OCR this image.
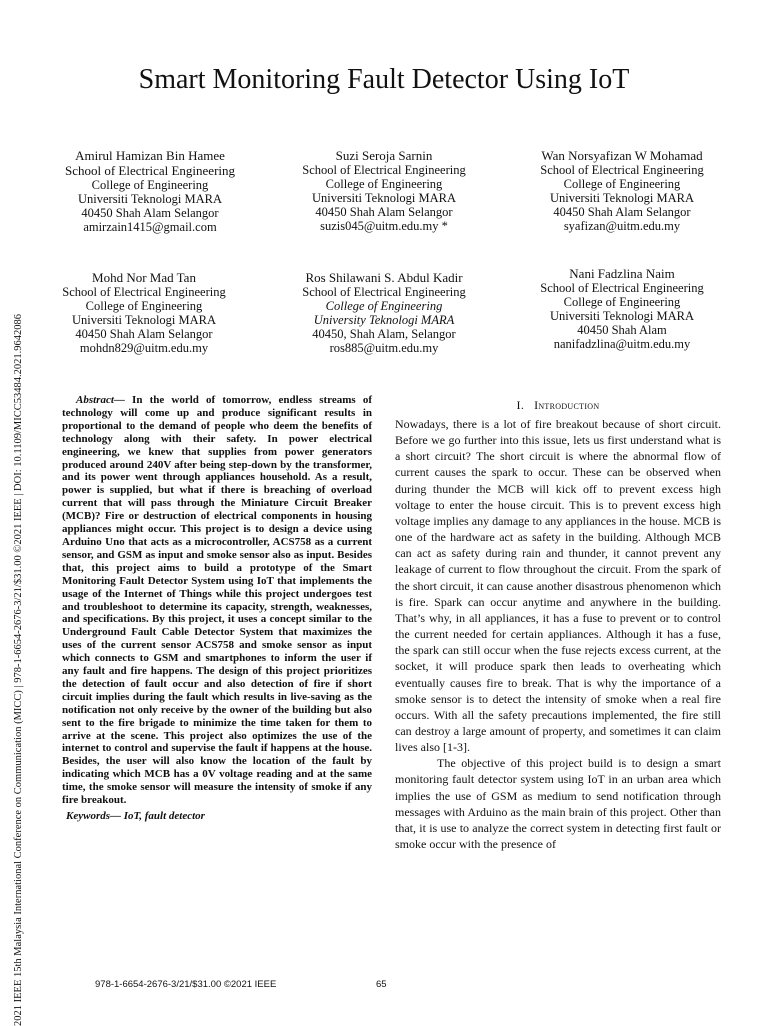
Smart Monitoring Fault Detector Using IoT
2021 IEEE 15th Malaysia International Conference on Communication (MICC) | 978-1-6654-2676-3/21/$31.00 ©2021 IEEE | DOI: 10.1109/MICC53484.2021.9642086
Amirul Hamizan Bin Hamee
School of Electrical Engineering
College of Engineering
Universiti Teknologi MARA
40450 Shah Alam Selangor
amirzain1415@gmail.com
Suzi Seroja Sarnin
School of Electrical Engineering
College of Engineering
Universiti Teknologi MARA
40450 Shah Alam Selangor
suzis045@uitm.edu.my *
Wan Norsyafizan W Mohamad
School of Electrical Engineering
College of Engineering
Universiti Teknologi MARA
40450 Shah Alam Selangor
syafizan@uitm.edu.my
Mohd Nor Mad Tan
School of Electrical Engineering
College of Engineering
Universiti Teknologi MARA
40450 Shah Alam Selangor
mohdn829@uitm.edu.my
Ros Shilawani S. Abdul Kadir
School of Electrical Engineering
College of Engineering
University Teknologi MARA
40450, Shah Alam, Selangor
ros885@uitm.edu.my
Nani Fadzlina Naim
School of Electrical Engineering
College of Engineering
Universiti Teknologi MARA
40450 Shah Alam
nanifadzlina@uitm.edu.my

Abstract— In the world of tomorrow, endless streams of technology will come up and produce significant results in proportional to the demand of people who deem the benefits of technology along with their safety. In power electrical engineering, we knew that supplies from power generators produced around 240V after being step-down by the transformer, and its power went through appliances household. As a result, power is supplied, but what if there is breaching of overload current that will pass through the Miniature Circuit Breaker (MCB)? Fire or destruction of electrical components in housing appliances might occur. This project is to design a device using Arduino Uno that acts as a microcontroller, ACS758 as a current sensor, and GSM as input and smoke sensor also as input. Besides that, this project aims to build a prototype of the Smart Monitoring Fault Detector System using IoT that implements the usage of the Internet of Things while this project undergoes test and troubleshoot to determine its capacity, strength, weaknesses, and specifications. By this project, it uses a concept similar to the Underground Fault Cable Detector System that maximizes the uses of the current sensor ACS758 and smoke sensor as input which connects to GSM and smartphones to inform the user if any fault and fire happens. The design of this project prioritizes the detection of fault occur and also detection of fire if short circuit implies during the fault which results in live-saving as the notification not only receive by the owner of the building but also sent to the fire brigade to minimize the time taken for them to arrive at the scene. This project also optimizes the use of the internet to control and supervise the fault if happens at the house. Besides, the user will also know the location of the fault by indicating which MCB has a 0V voltage reading and at the same time, the smoke sensor will measure the intensity of smoke if any fire breakout.

Keywords— IoT, fault detector
I. Introduction

Nowadays, there is a lot of fire breakout because of short circuit. Before we go further into this issue, lets us first understand what is a short circuit? The short circuit is where the abnormal flow of current causes the spark to occur. These can be observed when during thunder the MCB will kick off to prevent excess high voltage to enter the house circuit. This is to prevent excess high voltage implies any damage to any appliances in the house. MCB is one of the hardware act as safety in the building. Although MCB can act as safety during rain and thunder, it cannot prevent any leakage of current to flow throughout the circuit. From the spark of the short circuit, it can cause another disastrous phenomenon which is fire. Spark can occur anytime and anywhere in the building. That’s why, in all appliances, it has a fuse to prevent or to control the current needed for certain appliances. Although it has a fuse, the spark can still occur when the fuse rejects excess current, at the socket, it will produce spark then leads to overheating which eventually causes fire to break. That is why the importance of a smoke sensor is to detect the intensity of smoke when a real fire occurs. With all the safety precautions implemented, the fire still can destroy a large amount of property, and sometimes it can claim lives also [1-3].

The objective of this project build is to design a smart monitoring fault detector system using IoT in an urban area which implies the use of GSM as medium to send notification through messages with Arduino as the main brain of this project. Other than that, it is use to analyze the correct system in detecting first fault or smoke occur with the presence of

978-1-6654-2676-3/21/$31.00 ©2021 IEEE	65
